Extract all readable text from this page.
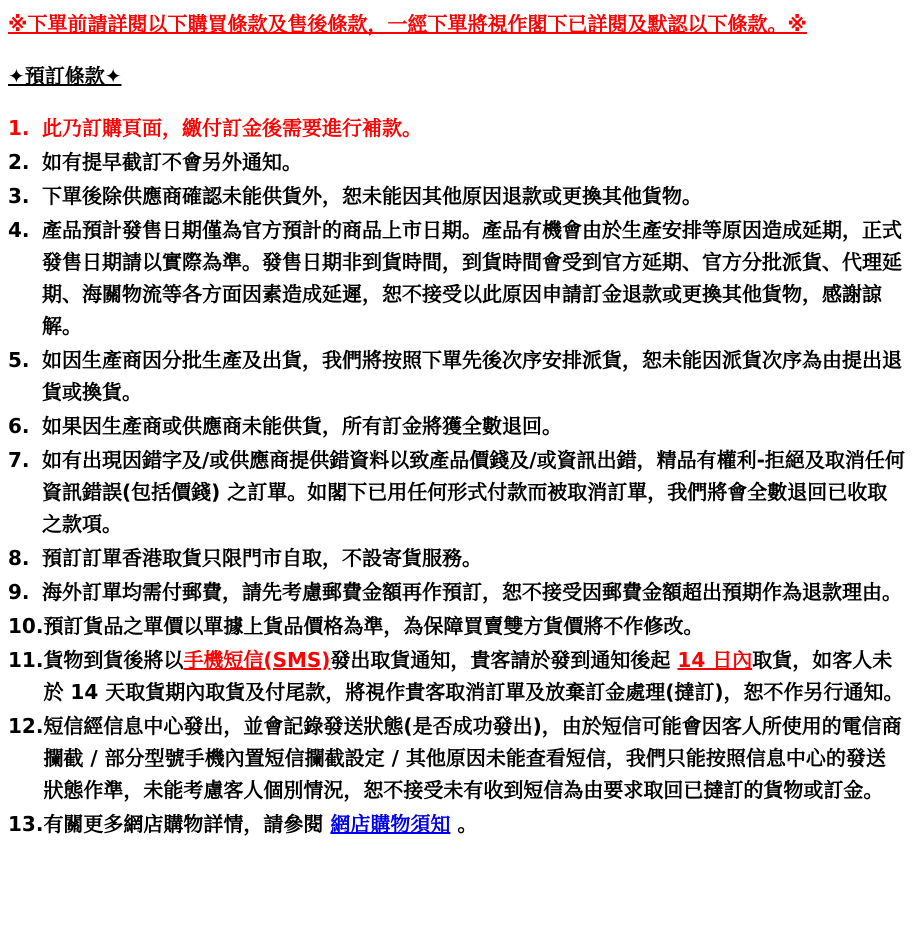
※下單前請詳閱以下購買條款及售後條款，一經下單將視作閣下已詳閱及默認以下條款。※
✦預訂條款✦
1. 此乃訂購頁面，繳付訂金後需要進行補款。
2. 如有提早截訂不會另外通知。
3. 下單後除供應商確認未能供貨外，恕未能因其他原因退款或更換其他貨物。
4. 產品預計發售日期僅為官方預計的商品上市日期。產品有機會由於生產安排等原因造成延期，正式發售日期請以實際為準。發售日期非到貨時間，到貨時間會受到官方延期、官方分批派貨、代理延期、海關物流等各方面因素造成延遲，恕不接受以此原因申請訂金退款或更換其他貨物，感謝諒解。
5. 如因生產商因分批生產及出貨，我們將按照下單先後次序安排派貨，恕未能因派貨次序為由提出退貨或換貨。
6. 如果因生產商或供應商未能供貨，所有訂金將獲全數退回。
7. 如有出現因錯字及/或供應商提供錯資料以致產品價錢及/或資訊出錯，精品有權利-拒絕及取消任何資訊錯誤(包括價錢) 之訂單。如閣下已用任何形式付款而被取消訂單，我們將會全數退回已收取之款項。
8. 預訂訂單香港取貨只限門市自取，不設寄貨服務。
9. 海外訂單均需付郵費，請先考慮郵費金額再作預訂，恕不接受因郵費金額超出預期作為退款理由。
10. 預訂貨品之單價以單據上貨品價格為準，為保障買賣雙方貨價將不作修改。
11. 貨物到貨後將以手機短信(SMS)發出取貨通知，貴客請於發到通知後起 14 日內取貨，如客人未於 14 天取貨期內取貨及付尾款，將視作貴客取消訂單及放棄訂金處理(撻訂)，恕不作另行通知。
12. 短信經信息中心發出，並會記錄發送狀態(是否成功發出)，由於短信可能會因客人所使用的電信商攔截 / 部分型號手機內置短信攔截設定 / 其他原因未能查看短信，我們只能按照信息中心的發送狀態作準，未能考慮客人個別情況，恕不接受未有收到短信為由要求取回已撻訂的貨物或訂金。
13. 有關更多網店購物詳情，請參閱 網店購物須知 。
